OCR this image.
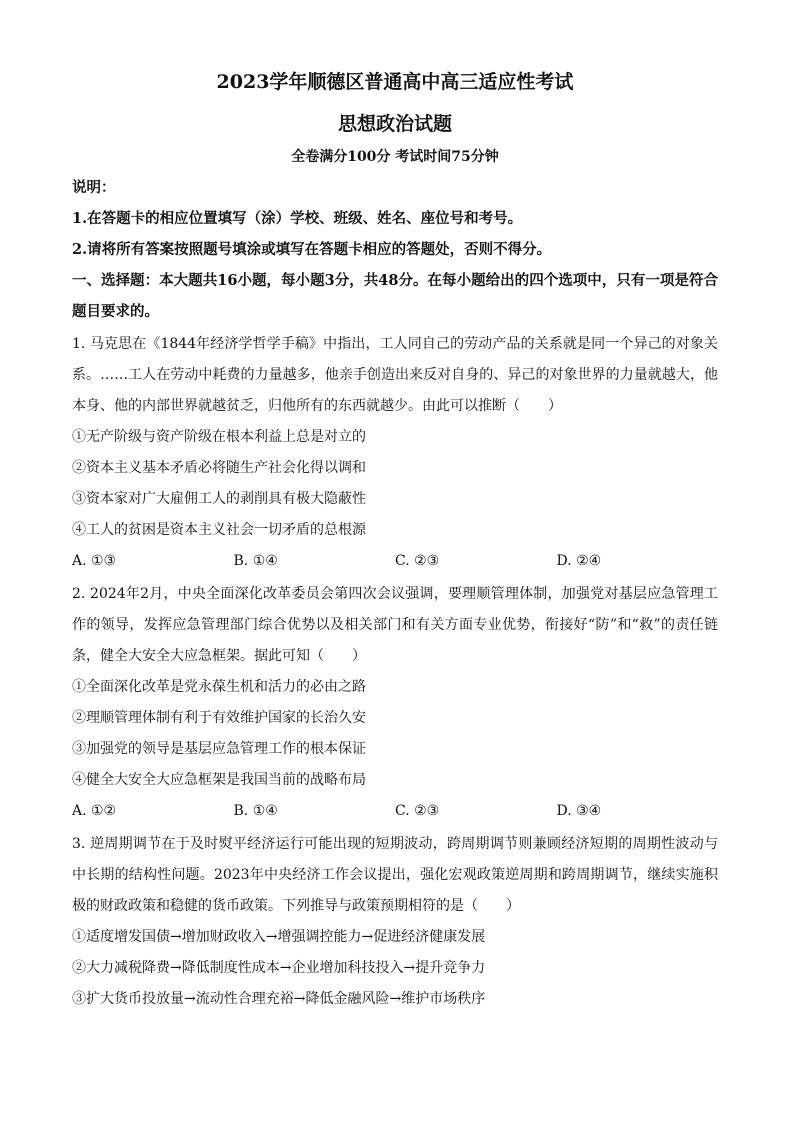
2023学年顺德区普通高中高三适应性考试
思想政治试题
全卷满分100分 考试时间75分钟
说明：
1.在答题卡的相应位置填写（涂）学校、班级、姓名、座位号和考号。
2.请将所有答案按照题号填涂或填写在答题卡相应的答题处，否则不得分。
一、选择题：本大题共16小题，每小题3分，共48分。在每小题给出的四个选项中，只有一项是符合题目要求的。
1. 马克思在《1844年经济学哲学手稿》中指出，工人同自己的劳动产品的关系就是同一个异己的对象关系。……工人在劳动中耗费的力量越多，他亲手创造出来反对自身的、异己的对象世界的力量就越大，他本身、他的内部世界就越贫乏，归他所有的东西就越少。由此可以推断（　　）
①无产阶级与资产阶级在根本利益上总是对立的
②资本主义基本矛盾必将随生产社会化得以调和
③资本家对广大雇佣工人的剥削具有极大隐蔽性
④工人的贫困是资本主义社会一切矛盾的总根源
A. ①③	B. ①④	C. ②③	D. ②④
2. 2024年2月，中央全面深化改革委员会第四次会议强调，要理顺管理体制，加强党对基层应急管理工作的领导，发挥应急管理部门综合优势以及相关部门和有关方面专业优势，衔接好“防”和“救”的责任链条，健全大安全大应急框架。据此可知（　　）
①全面深化改革是党永葆生机和活力的必由之路
②理顺管理体制有利于有效维护国家的长治久安
③加强党的领导是基层应急管理工作的根本保证
④健全大安全大应急框架是我国当前的战略布局
A. ①②	B. ①④	C. ②③	D. ③④
3. 逆周期调节在于及时熨平经济运行可能出现的短期波动，跨周期调节则兼顾经济短期的周期性波动与中长期的结构性问题。2023年中央经济工作会议提出，强化宏观政策逆周期和跨周期调节，继续实施积极的财政政策和稳健的货币政策。下列推导与政策预期相符的是（　　）
①适度增发国债→增加财政收入→增强调控能力→促进经济健康发展
②大力减税降费→降低制度性成本→企业增加科技投入→提升竞争力
③扩大货币投放量→流动性合理充裕→降低金融风险→维护市场秩序
